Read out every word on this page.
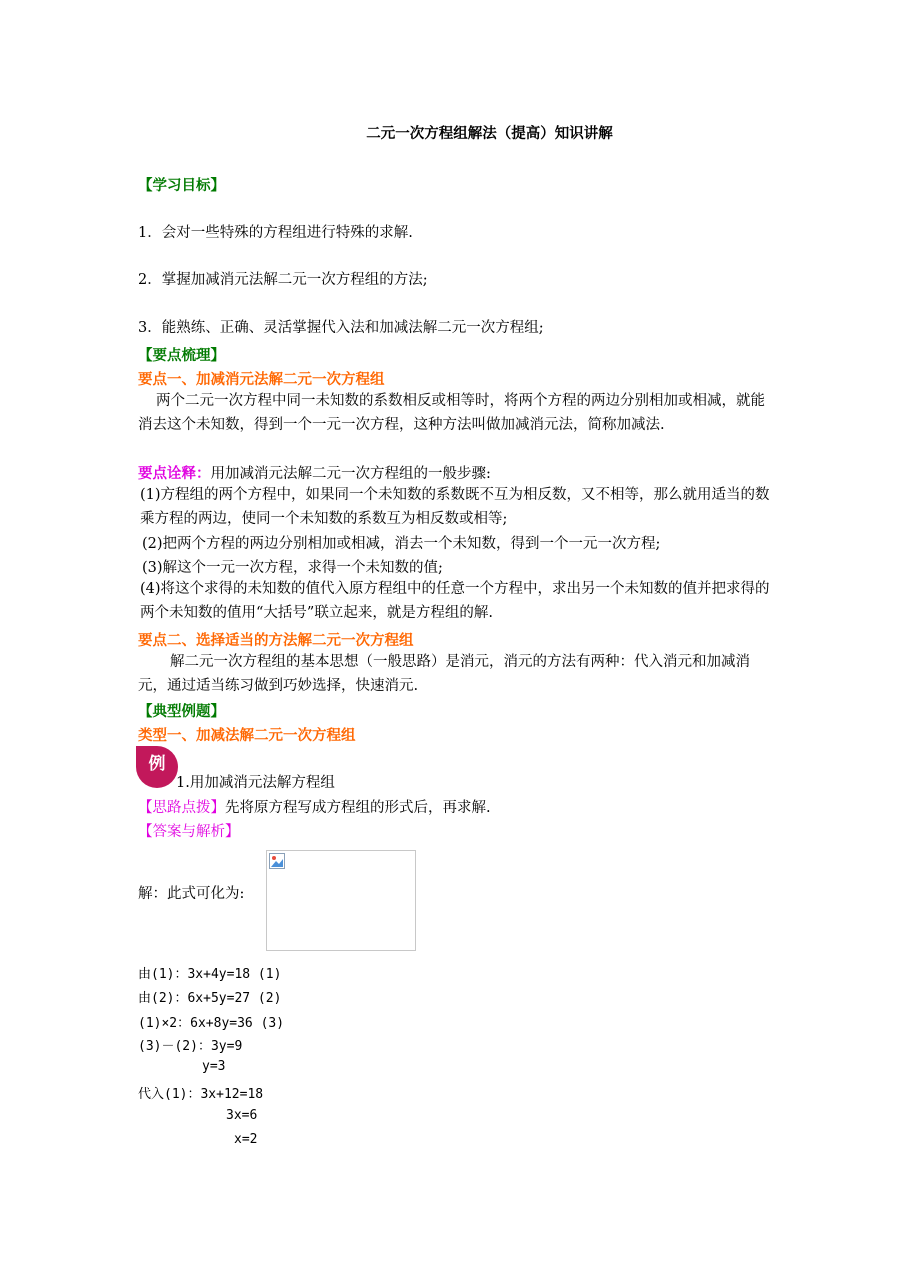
二元一次方程组解法（提高）知识讲解
【学习目标】
1．会对一些特殊的方程组进行特殊的求解.
2．掌握加减消元法解二元一次方程组的方法;
3．能熟练、正确、灵活掌握代入法和加减法解二元一次方程组;
【要点梳理】
要点一、加减消元法解二元一次方程组
两个二元一次方程中同一未知数的系数相反或相等时，将两个方程的两边分别相加或相减，就能消去这个未知数，得到一个一元一次方程，这种方法叫做加减消元法，简称加减法.
要点诠释：用加减消元法解二元一次方程组的一般步骤:
(1)方程组的两个方程中，如果同一个未知数的系数既不互为相反数，又不相等，那么就用适当的数乘方程的两边，使同一个未知数的系数互为相反数或相等;
(2)把两个方程的两边分别相加或相减，消去一个未知数，得到一个一元一次方程;
(3)解这个一元一次方程，求得一个未知数的值;
(4)将这个求得的未知数的值代入原方程组中的任意一个方程中，求出另一个未知数的值并把求得的两个未知数的值用“大括号”联立起来，就是方程组的解.
要点二、选择适当的方法解二元一次方程组
解二元一次方程组的基本思想（一般思路）是消元，消元的方法有两种：代入消元和加减消元，通过适当练习做到巧妙选择，快速消元.
【典型例题】
类型一、加减法解二元一次方程组
例
1.用加减消元法解方程组
【思路点拨】先将原方程写成方程组的形式后，再求解.
【答案与解析】
解：此式可化为:
由(1)：3x+4y=18 (1)
由(2)：6x+5y=27 (2)
(1)×2：6x+8y=36 (3)
(3)－(2)：3y=9
y=3
代入(1)：3x+12=18
3x=6
x=2
